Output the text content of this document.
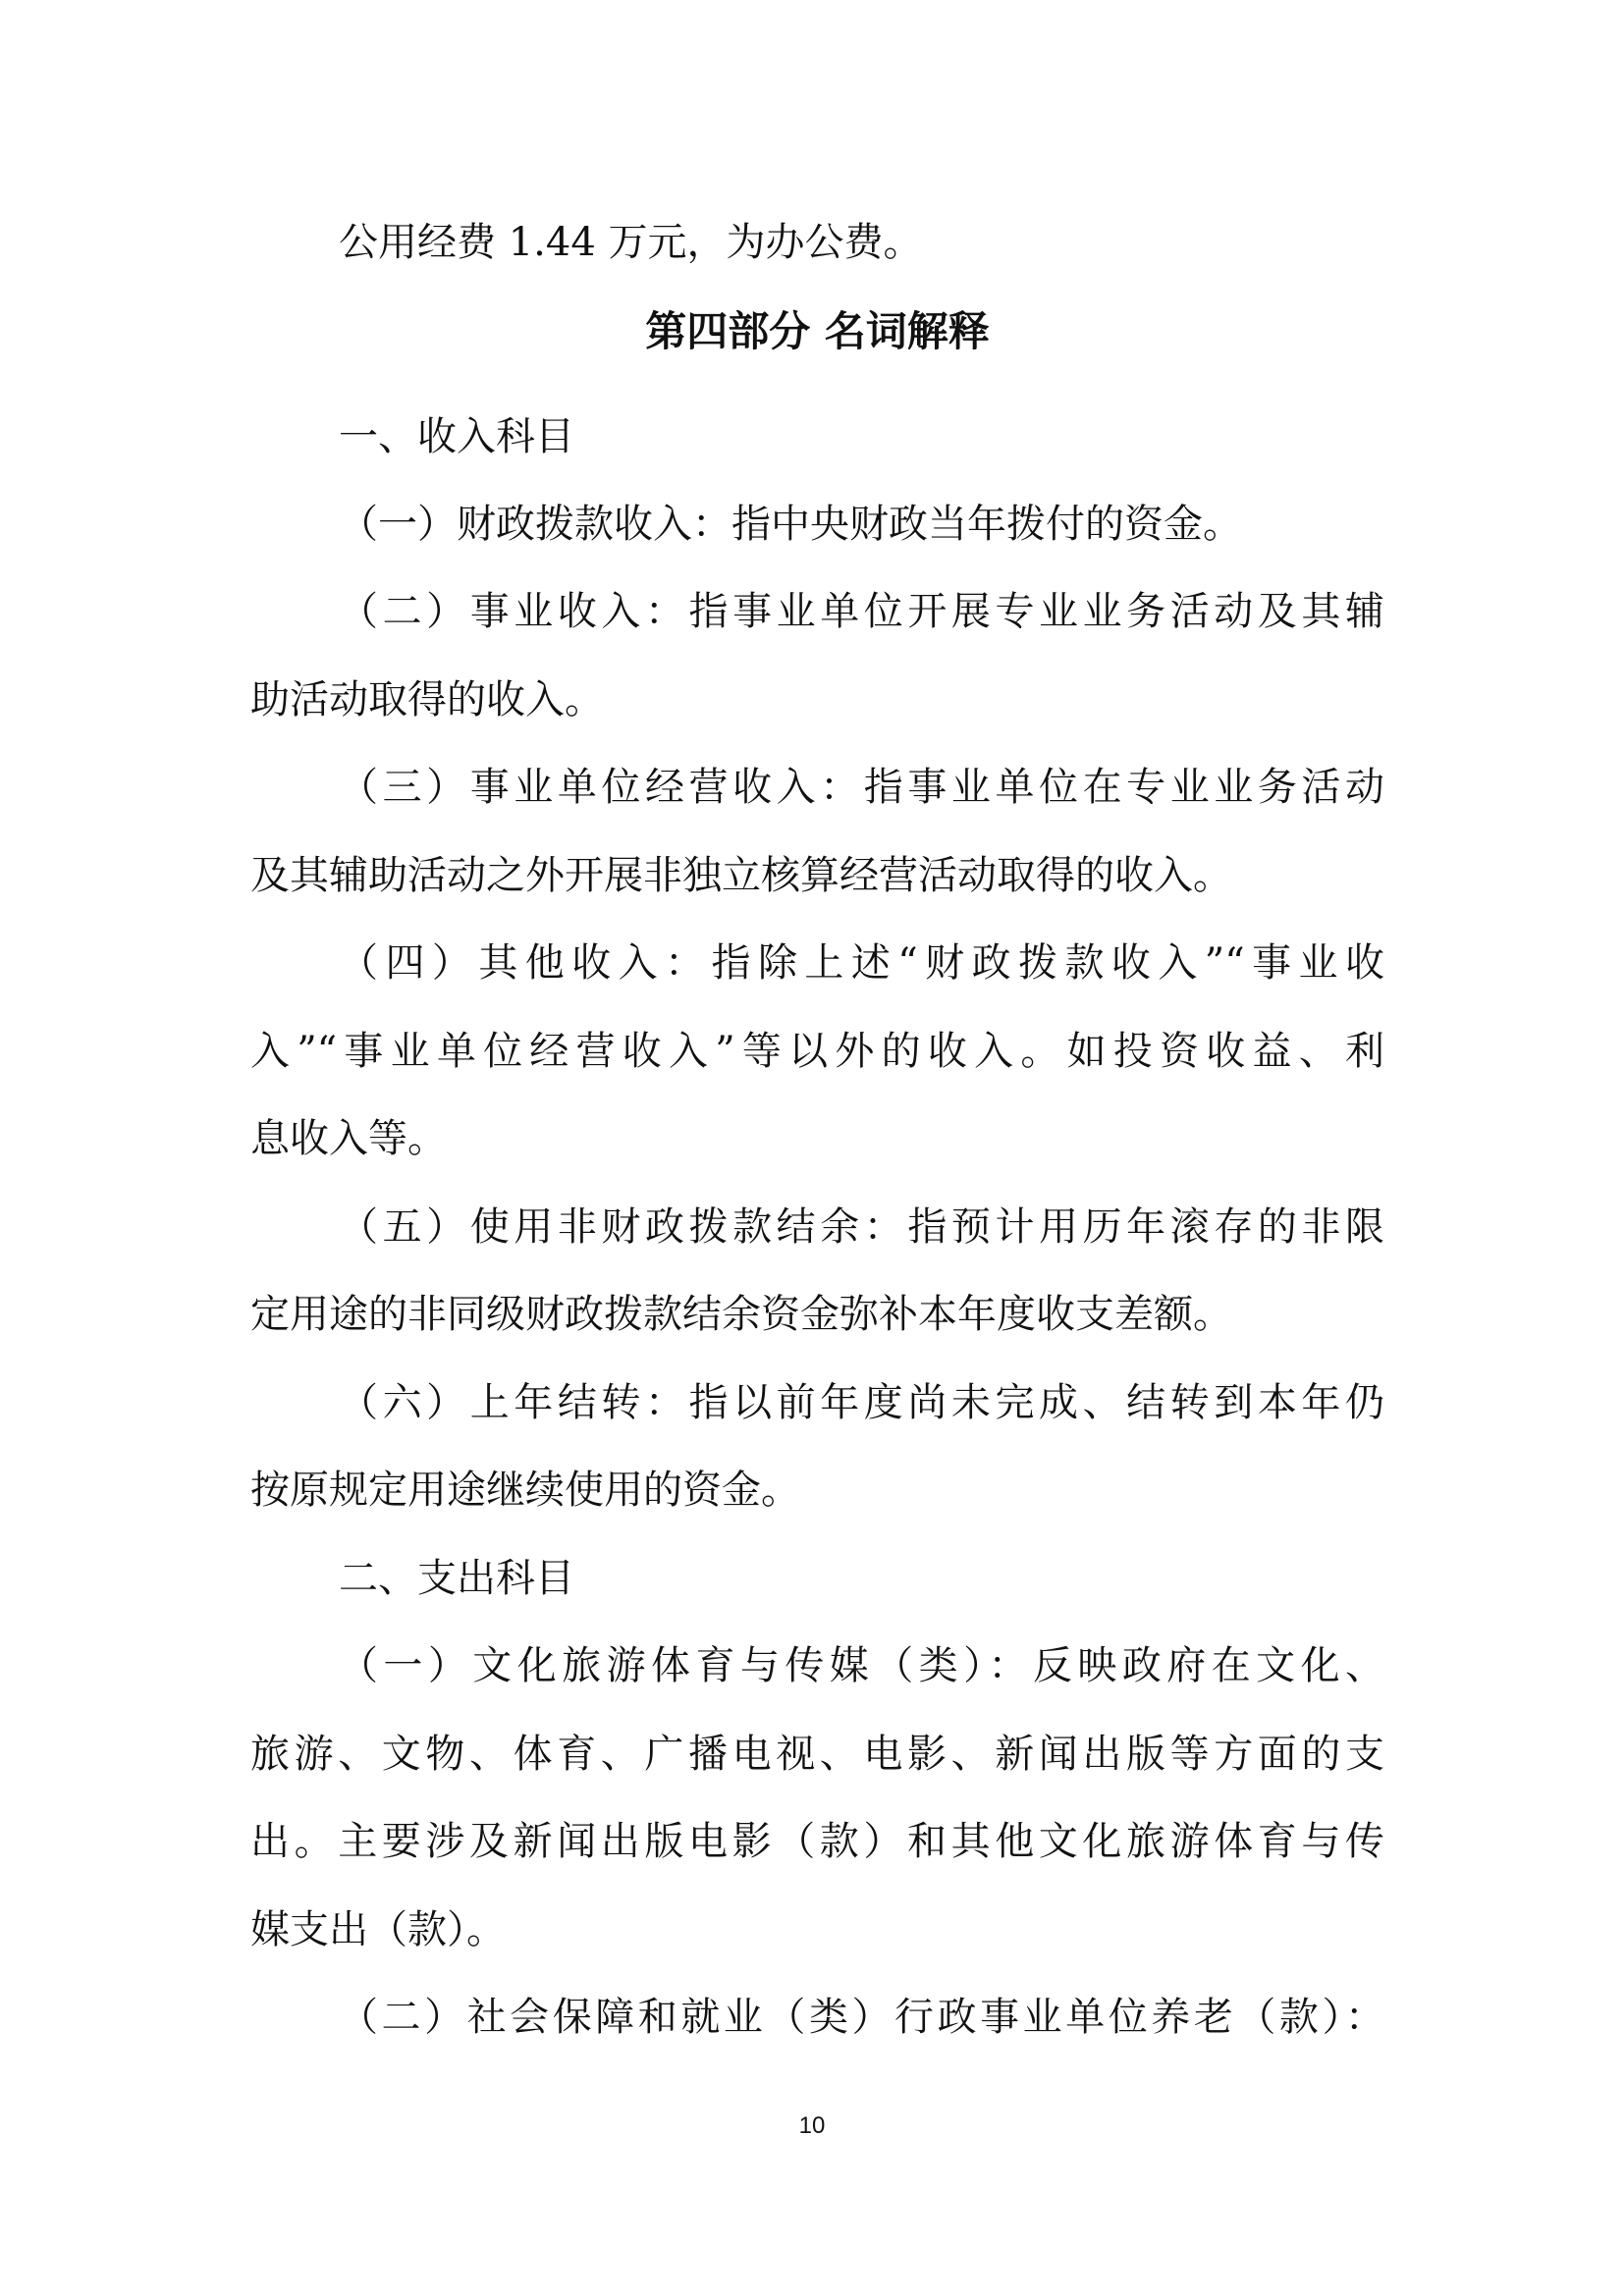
公用经费 1.44 万元，为办公费。
第四部分 名词解释
一、收入科目
（一）财政拨款收入：指中央财政当年拨付的资金。
（二）事业收入：指事业单位开展专业业务活动及其辅
助活动取得的收入。
（三）事业单位经营收入：指事业单位在专业业务活动
及其辅助活动之外开展非独立核算经营活动取得的收入。
（四）其他收入：指除上述“财政拨款收入”“事业收
入”“事业单位经营收入”等以外的收入。如投资收益、利
息收入等。
（五）使用非财政拨款结余：指预计用历年滚存的非限
定用途的非同级财政拨款结余资金弥补本年度收支差额。
（六）上年结转：指以前年度尚未完成、结转到本年仍
按原规定用途继续使用的资金。
二、支出科目
（一）文化旅游体育与传媒（类）：反映政府在文化、
旅游、文物、体育、广播电视、电影、新闻出版等方面的支
出。主要涉及新闻出版电影（款）和其他文化旅游体育与传
媒支出（款）。
（二）社会保障和就业（类）行政事业单位养老（款）：
10
